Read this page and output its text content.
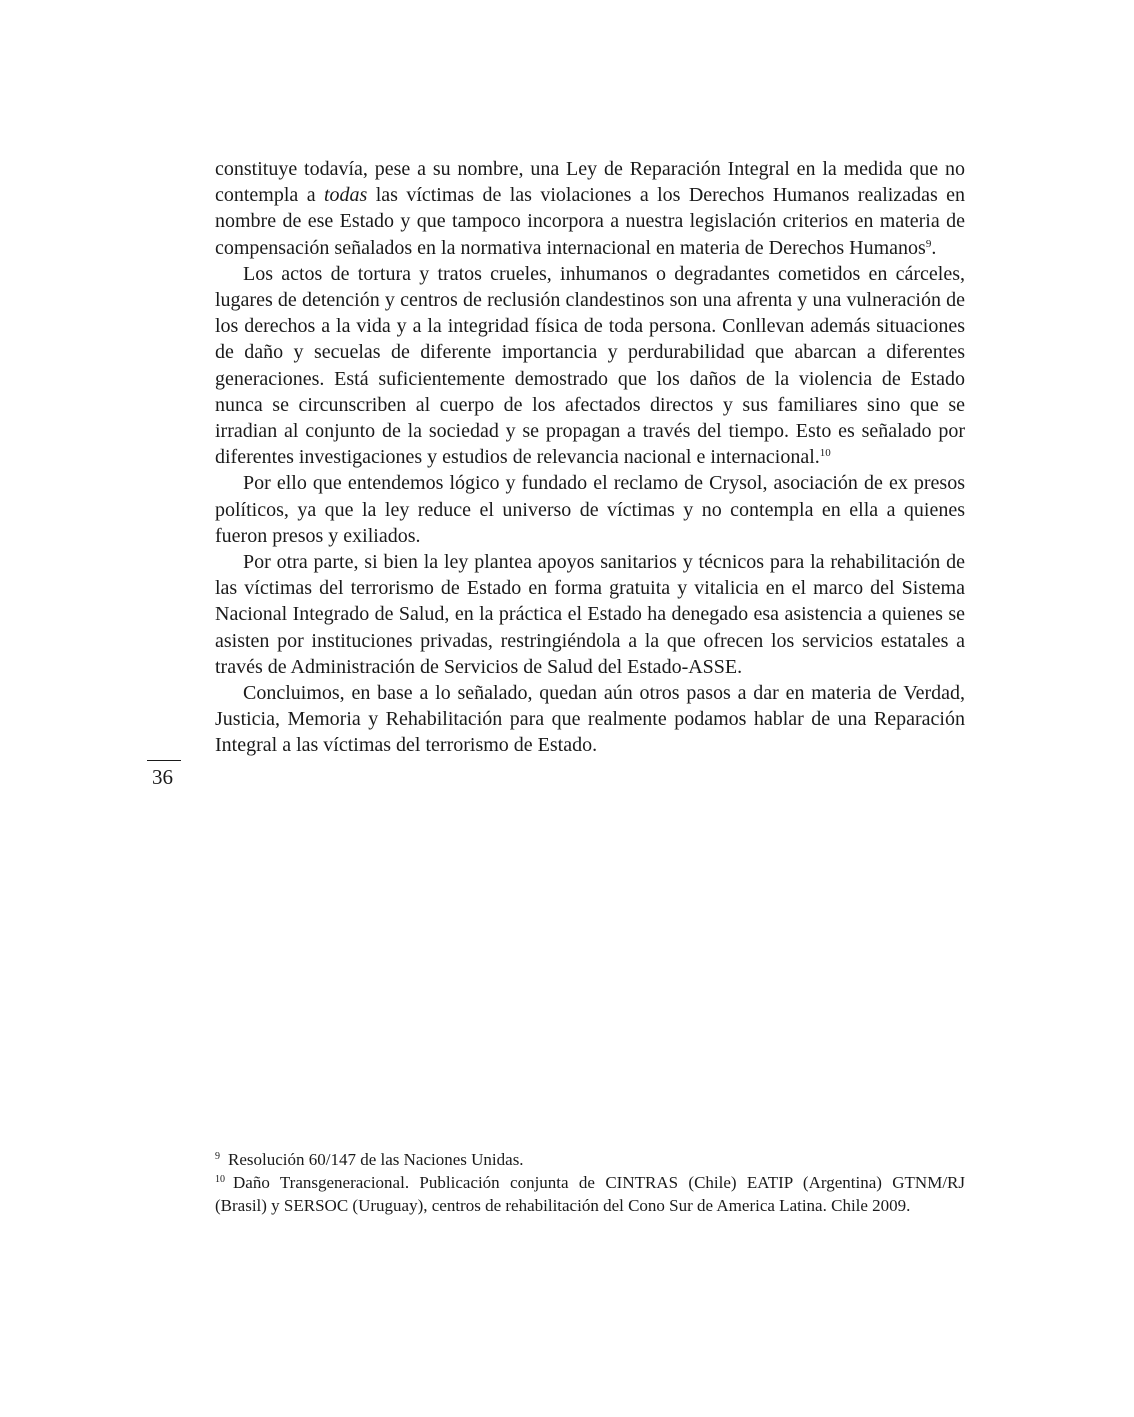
constituye todavía, pese a su nombre, una Ley de Reparación Integral en la medida que no contempla a todas las víctimas de las violaciones a los Derechos Humanos realizadas en nombre de ese Estado y que tampoco incorpora a nuestra legislación criterios en materia de compensación señalados en la normativa internacional en materia de Derechos Humanos$^9$.

Los actos de tortura y tratos crueles, inhumanos o degradantes cometidos en cárceles, lugares de detención y centros de reclusión clandestinos son una afrenta y una vulneración de los derechos a la vida y a la integridad física de toda persona. Conllevan además situaciones de daño y secuelas de diferente importancia y perdurabilidad que abarcan a diferentes generaciones. Está suficientemente demostrado que los daños de la violencia de Estado nunca se circunscriben al cuerpo de los afectados directos y sus familiares sino que se irradian al conjunto de la sociedad y se propagan a través del tiempo. Esto es señalado por diferentes investigaciones y estudios de relevancia nacional e internacional.$^{10}$

Por ello que entendemos lógico y fundado el reclamo de Crysol, asociación de ex presos políticos, ya que la ley reduce el universo de víctimas y no contempla en ella a quienes fueron presos y exiliados.

Por otra parte, si bien la ley plantea apoyos sanitarios y técnicos para la rehabilitación de las víctimas del terrorismo de Estado en forma gratuita y vitalicia en el marco del Sistema Nacional Integrado de Salud, en la práctica el Estado ha denegado esa asistencia a quienes se asisten por instituciones privadas, restringiéndola a la que ofrecen los servicios estatales a través de Administración de Servicios de Salud del Estado-ASSE.

Concluimos, en base a lo señalado, quedan aún otros pasos a dar en materia de Verdad, Justicia, Memoria y Rehabilitación para que realmente podamos hablar de una Reparación Integral a las víctimas del terrorismo de Estado.

36

$^9$ Resolución 60/147 de las Naciones Unidas.

$^{10}$ Daño Transgeneracional. Publicación conjunta de CINTRAS (Chile) EATIP (Argentina) GTNM/RJ (Brasil) y SERSOC (Uruguay), centros de rehabilitación del Cono Sur de America Latina. Chile 2009.
